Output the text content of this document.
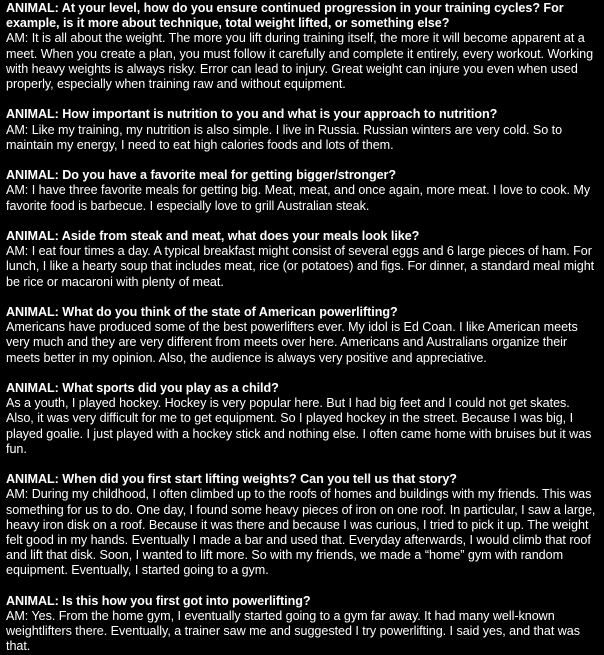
ANIMAL: At your level, how do you ensure continued progression in your training cycles? For example, is it more about technique, total weight lifted, or something else?

AM: It is all about the weight. The more you lift during training itself, the more it will become apparent at a meet. When you create a plan, you must follow it carefully and complete it entirely, every workout. Working with heavy weights is always risky. Error can lead to injury. Great weight can injure you even when used properly, especially when training raw and without equipment.

ANIMAL: How important is nutrition to you and what is your approach to nutrition?

AM: Like my training, my nutrition is also simple. I live in Russia. Russian winters are very cold. So to maintain my energy, I need to eat high calories foods and lots of them.

ANIMAL: Do you have a favorite meal for getting bigger/stronger?

AM: I have three favorite meals for getting big. Meat, meat, and once again, more meat. I love to cook. My favorite food is barbecue. I especially love to grill Australian steak.

ANIMAL: Aside from steak and meat, what does your meals look like?

AM: I eat four times a day. A typical breakfast might consist of several eggs and 6 large pieces of ham. For lunch, I like a hearty soup that includes meat, rice (or potatoes) and figs. For dinner, a standard meal might be rice or macaroni with plenty of meat.

ANIMAL: What do you think of the state of American powerlifting?

Americans have produced some of the best powerlifters ever. My idol is Ed Coan. I like American meets very much and they are very different from meets over here. Americans and Australians organize their meets better in my opinion. Also, the audience is always very positive and appreciative.

ANIMAL: What sports did you play as a child?

As a youth, I played hockey. Hockey is very popular here. But I had big feet and I could not get skates. Also, it was very difficult for me to get equipment. So I played hockey in the street. Because I was big, I played goalie. I just played with a hockey stick and nothing else. I often came home with bruises but it was fun.

ANIMAL: When did you first start lifting weights? Can you tell us that story?

AM: During my childhood, I often climbed up to the roofs of homes and buildings with my friends. This was something for us to do. One day, I found some heavy pieces of iron on one roof. In particular, I saw a large, heavy iron disk on a roof. Because it was there and because I was curious, I tried to pick it up. The weight felt good in my hands. Eventually I made a bar and used that. Everyday afterwards, I would climb that roof and lift that disk. Soon, I wanted to lift more. So with my friends, we made a “home” gym with random equipment. Eventually, I started going to a gym.

ANIMAL: Is this how you first got into powerlifting?

AM: Yes. From the home gym, I eventually started going to a gym far away. It had many well-known weightlifters there. Eventually, a trainer saw me and suggested I try powerlifting. I said yes, and that was that.
